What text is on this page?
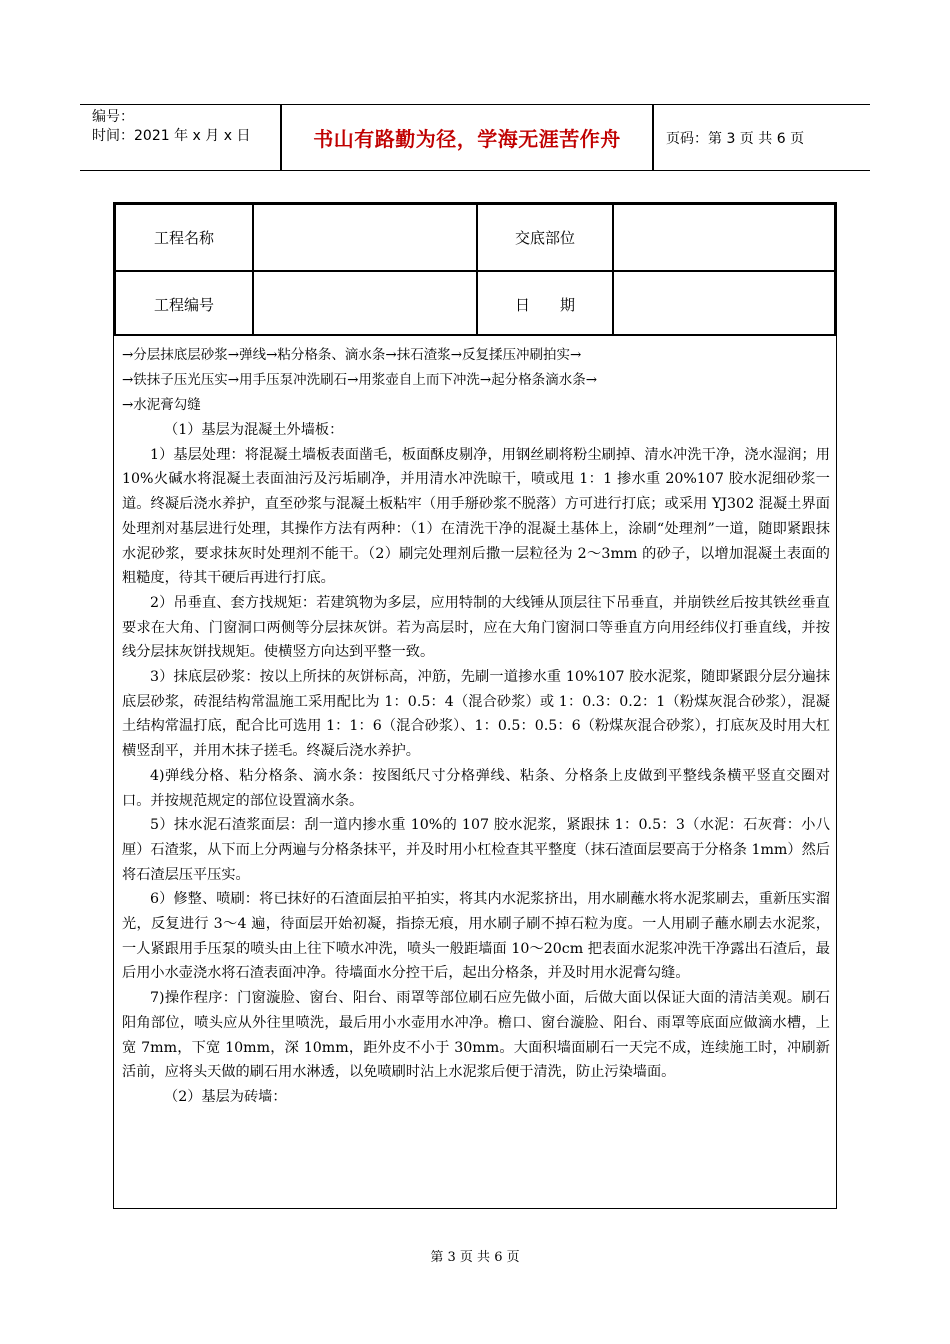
编号：
时间：2021 年 x 月 x 日	书山有路勤为径，学海无涯苦作舟	页码：第 3 页 共 6 页
工程名称	交底部位
工程编号	日　　期

→分层抹底层砂浆→弹线→粘分格条、滴水条→抹石渣浆→反复揉压冲刷拍实→

→铁抹子压光压实→用手压泵冲洗刷石→用浆壶自上而下冲洗→起分格条滴水条→

→水泥膏勾缝

（1）基层为混凝土外墙板：

1）基层处理：将混凝土墙板表面凿毛，板面酥皮剔净，用钢丝刷将粉尘刷掉、清水冲洗干净，浇水湿润；用 10%火碱水将混凝土表面油污及污垢刷净，并用清水冲洗晾干，喷或甩 1：1 掺水重 20%107 胶水泥细砂浆一道。终凝后浇水养护，直至砂浆与混凝土板粘牢（用手掰砂浆不脱落）方可进行打底；或采用 YJ302 混凝土界面处理剂对基层进行处理，其操作方法有两种：（1）在清洗干净的混凝土基体上，涂刷“处理剂”一道，随即紧跟抹水泥砂浆，要求抹灰时处理剂不能干。（2）刷完处理剂后撒一层粒径为 2～3mm 的砂子，以增加混凝土表面的粗糙度，待其干硬后再进行打底。

2）吊垂直、套方找规矩：若建筑物为多层，应用特制的大线锤从顶层往下吊垂直，并崩铁丝后按其铁丝垂直要求在大角、门窗洞口两侧等分层抹灰饼。若为高层时，应在大角门窗洞口等垂直方向用经纬仪打垂直线，并按线分层抹灰饼找规矩。使横竖方向达到平整一致。

3）抹底层砂浆：按以上所抹的灰饼标高，冲筋，先刷一道掺水重 10%107 胶水泥浆，随即紧跟分层分遍抹底层砂浆，砖混结构常温施工采用配比为 1：0.5：4（混合砂浆）或 1：0.3：0.2：1（粉煤灰混合砂浆），混凝土结构常温打底，配合比可选用 1：1：6（混合砂浆）、1：0.5：0.5：6（粉煤灰混合砂浆），打底灰及时用大杠横竖刮平，并用木抹子搓毛。终凝后浇水养护。

4)弹线分格、粘分格条、滴水条：按图纸尺寸分格弹线、粘条、分格条上皮做到平整线条横平竖直交圈对口。并按规范规定的部位设置滴水条。

5）抹水泥石渣浆面层：刮一道内掺水重 10%的 107 胶水泥浆，紧跟抹 1：0.5：3（水泥：石灰膏：小八厘）石渣浆，从下而上分两遍与分格条抹平，并及时用小杠检查其平整度（抹石渣面层要高于分格条 1mm）然后将石渣层压平压实。

6）修整、喷刷：将已抹好的石渣面层拍平拍实，将其内水泥浆挤出，用水刷蘸水将水泥浆刷去，重新压实溜光，反复进行 3～4 遍，待面层开始初凝，指捺无痕，用水刷子刷不掉石粒为度。一人用刷子蘸水刷去水泥浆，一人紧跟用手压泵的喷头由上往下喷水冲洗，喷头一般距墙面 10～20cm 把表面水泥浆冲洗干净露出石渣后，最后用小水壶浇水将石渣表面冲净。待墙面水分控干后，起出分格条，并及时用水泥膏勾缝。

7)操作程序：门窗漩脸、窗台、阳台、雨罩等部位刷石应先做小面，后做大面以保证大面的清洁美观。刷石阳角部位，喷头应从外往里喷洗，最后用小水壶用水冲净。檐口、窗台漩脸、阳台、雨罩等底面应做滴水槽，上宽 7mm，下宽 10mm，深 10mm，距外皮不小于 30mm。大面积墙面刷石一天完不成，连续施工时，冲刷新活前，应将头天做的刷石用水淋透，以免喷刷时沾上水泥浆后便于清洗，防止污染墙面。

（2）基层为砖墙：

第 3 页 共 6 页
